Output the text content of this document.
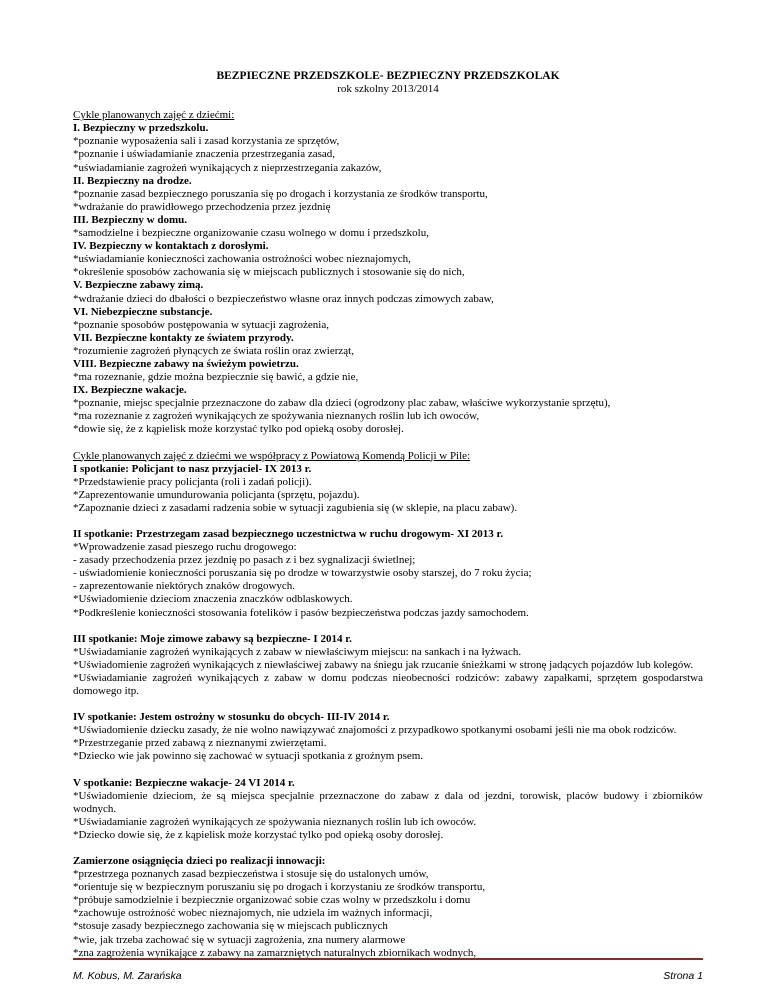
BEZPIECZNE PRZEDSZKOLE- BEZPIECZNY PRZEDSZKOLAK

rok szkolny 2013/2014

Cykle planowanych zajęć z dziećmi:
I. Bezpieczny w przedszkolu.
*poznanie wyposażenia sali i zasad korzystania ze sprzętów,
*poznanie i uświadamianie znaczenia przestrzegania zasad,
*uświadamianie zagrożeń wynikających z nieprzestrzegania zakazów,
II. Bezpieczny na drodze.
*poznanie zasad bezpiecznego poruszania się po drogach i korzystania ze środków transportu,
*wdrażanie do prawidłowego przechodzenia przez jezdnię
III. Bezpieczny w domu.
*samodzielne i bezpieczne organizowanie czasu wolnego w domu i przedszkolu,
IV. Bezpieczny w kontaktach z dorosłymi.
*uświadamianie konieczności zachowania ostrożności wobec nieznajomych,
*określenie sposobów zachowania się w miejscach publicznych i stosowanie się do nich,
V. Bezpieczne zabawy zimą.
*wdrażanie dzieci do dbałości o bezpieczeństwo własne oraz innych podczas zimowych zabaw,
VI. Niebezpieczne substancje.
*poznanie sposobów postępowania w sytuacji zagrożenia,
VII. Bezpieczne kontakty ze światem przyrody.
*rozumienie zagrożeń płynących ze świata roślin oraz zwierząt,
VIII. Bezpieczne zabawy na świeżym powietrzu.
*ma rozeznanie, gdzie można bezpiecznie się bawić, a gdzie nie,
IX. Bezpieczne wakacje.
*poznanie, miejsc specjalnie przeznaczone do zabaw dla dzieci (ogrodzony plac zabaw, właściwe wykorzystanie sprzętu),
*ma rozeznanie z zagrożeń wynikających ze spożywania nieznanych roślin lub ich owoców,
*dowie się, że z kąpielisk może korzystać tylko pod opieką osoby dorosłej.
Cykle planowanych zajęć z dziećmi we współpracy z Powiatową Komendą Policji w Pile:
I spotkanie: Policjant to nasz przyjaciel- IX 2013 r.
*Przedstawienie pracy policjanta (roli i zadań policji).
*Zaprezentowanie umundurowania policjanta (sprzętu, pojazdu).
*Zapoznanie dzieci z zasadami radzenia sobie w sytuacji zagubienia się (w sklepie, na placu zabaw).
II spotkanie: Przestrzegam zasad bezpiecznego uczestnictwa w ruchu drogowym- XI 2013 r.
*Wprowadzenie zasad pieszego ruchu drogowego:
- zasady przechodzenia przez jezdnię po pasach z i bez sygnalizacji świetlnej;
- uświadomienie konieczności poruszania się po drodze w towarzystwie osoby starszej, do 7 roku życia;
- zaprezentowanie niektórych znaków drogowych.
*Uświadomienie dzieciom znaczenia znaczków odblaskowych.
*Podkreślenie konieczności stosowania fotelików i pasów bezpieczeństwa podczas jazdy samochodem.
III spotkanie: Moje zimowe zabawy są bezpieczne- I 2014 r.
*Uświadamianie zagrożeń wynikających z zabaw w niewłaściwym miejscu: na sankach i na łyżwach.
*Uświadomienie zagrożeń wynikających z niewłaściwej zabawy na śniegu jak rzucanie śnieżkami w stronę jadących pojazdów lub kolegów.
*Uświadamianie zagrożeń wynikających z zabaw w domu podczas nieobecności rodziców: zabawy zapałkami, sprzętem gospodarstwa domowego itp.
IV spotkanie: Jestem ostrożny w stosunku do obcych- III-IV 2014 r.
*Uświadomienie dziecku zasady, że nie wolno nawiązywać znajomości z przypadkowo spotkanymi osobami jeśli nie ma obok rodziców.
*Przestrzeganie przed zabawą z nieznanymi zwierzętami.
*Dziecko wie jak powinno się zachować w sytuacji spotkania z groźnym psem.
V spotkanie: Bezpieczne wakacje- 24 VI 2014 r.
*Uświadomienie dzieciom, że są miejsca specjalnie przeznaczone do zabaw z dala od jezdni, torowisk, placów budowy i zbiorników wodnych.
*Uświadamianie zagrożeń wynikających ze spożywania nieznanych roślin lub ich owoców.
*Dziecko dowie się, że z kąpielisk może korzystać tylko pod opieką osoby dorosłej.
Zamierzone osiągnięcia dzieci po realizacji innowacji:
*przestrzega poznanych zasad bezpieczeństwa i stosuje się do ustalonych umów,
*orientuje się w bezpiecznym poruszaniu się po drogach i korzystaniu ze środków transportu,
*próbuje samodzielnie i bezpiecznie organizować sobie czas wolny w przedszkolu i domu
*zachowuje ostrożność wobec nieznajomych, nie udziela im ważnych informacji,
*stosuje zasady bezpiecznego zachowania się w miejscach publicznych
*wie, jak trzeba zachować się w sytuacji zagrożenia, zna numery alarmowe
*zna zagrożenia wynikające z zabawy na zamarzniętych naturalnych zbiornikach wodnych,
M. Kobus, M. Zarańska	Strona 1
